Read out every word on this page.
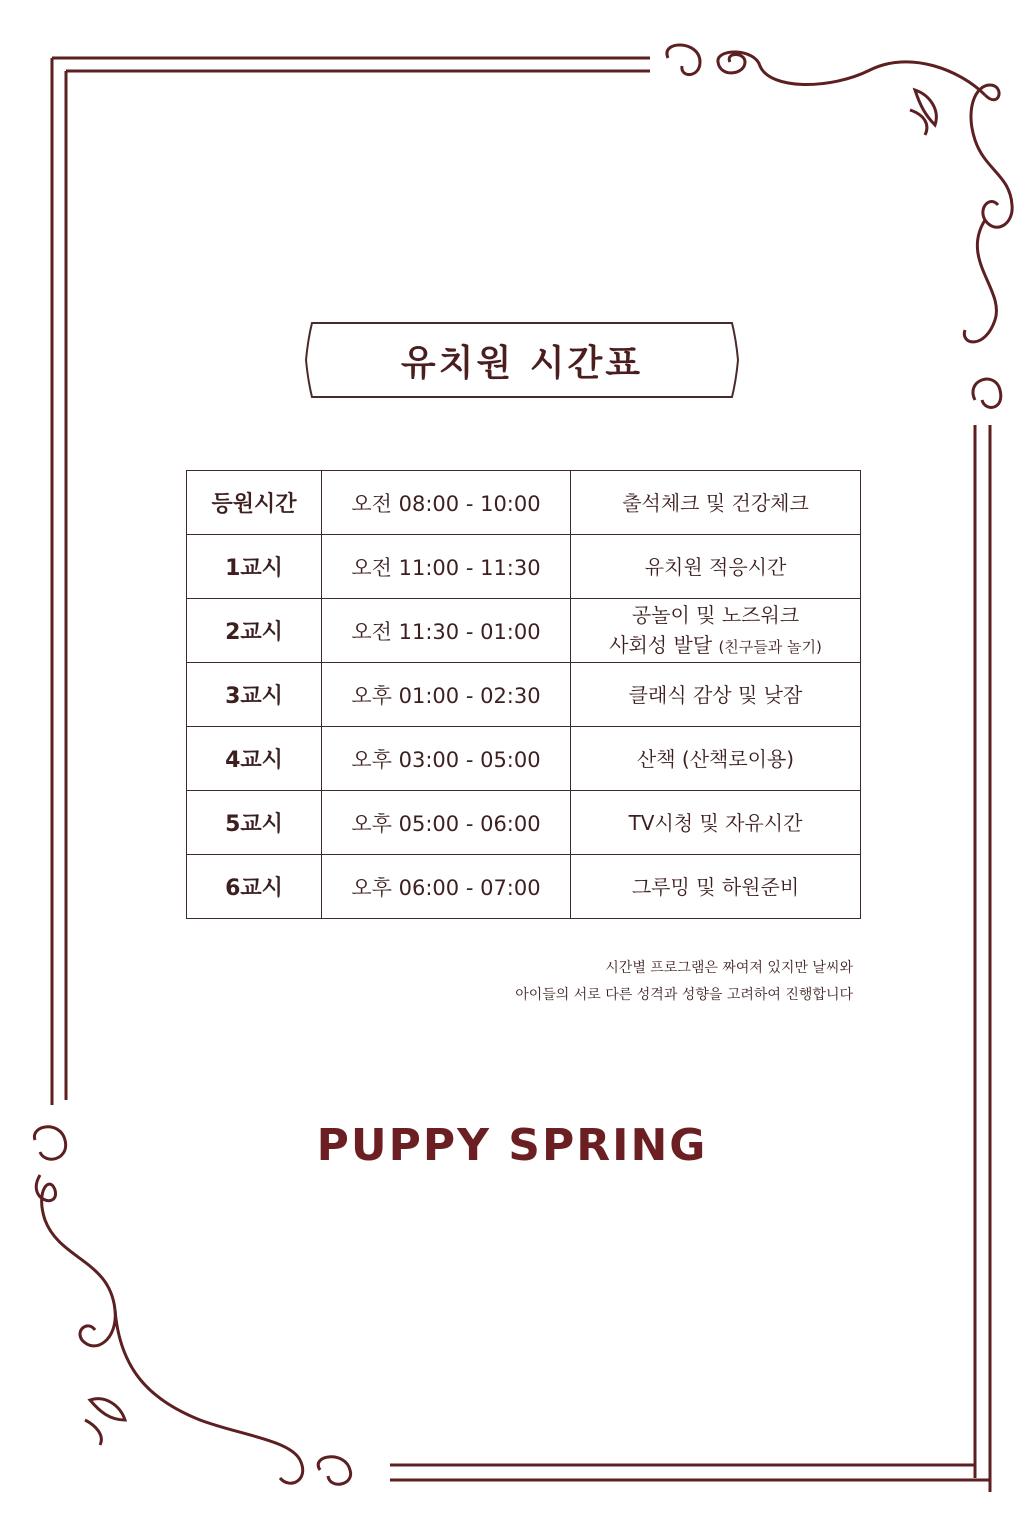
유치원 시간표
등원시간	오전 08:00 - 10:00	출석체크 및 건강체크
1교시	오전 11:00 - 11:30	유치원 적응시간
2교시	오전 11:30 - 01:00	공놀이 및 노즈워크
사회성 발달 (친구들과 놀기)

3교시	오후 01:00 - 02:30	클래식 감상 및 낮잠
4교시	오후 03:00 - 05:00	산책 (산책로이용)
5교시	오후 05:00 - 06:00	TV시청 및 자유시간
6교시	오후 06:00 - 07:00	그루밍 및 하원준비
시간별 프로그램은 짜여져 있지만 날씨와
아이들의 서로 다른 성격과 성향을 고려하여 진행합니다
PUPPY SPRING
